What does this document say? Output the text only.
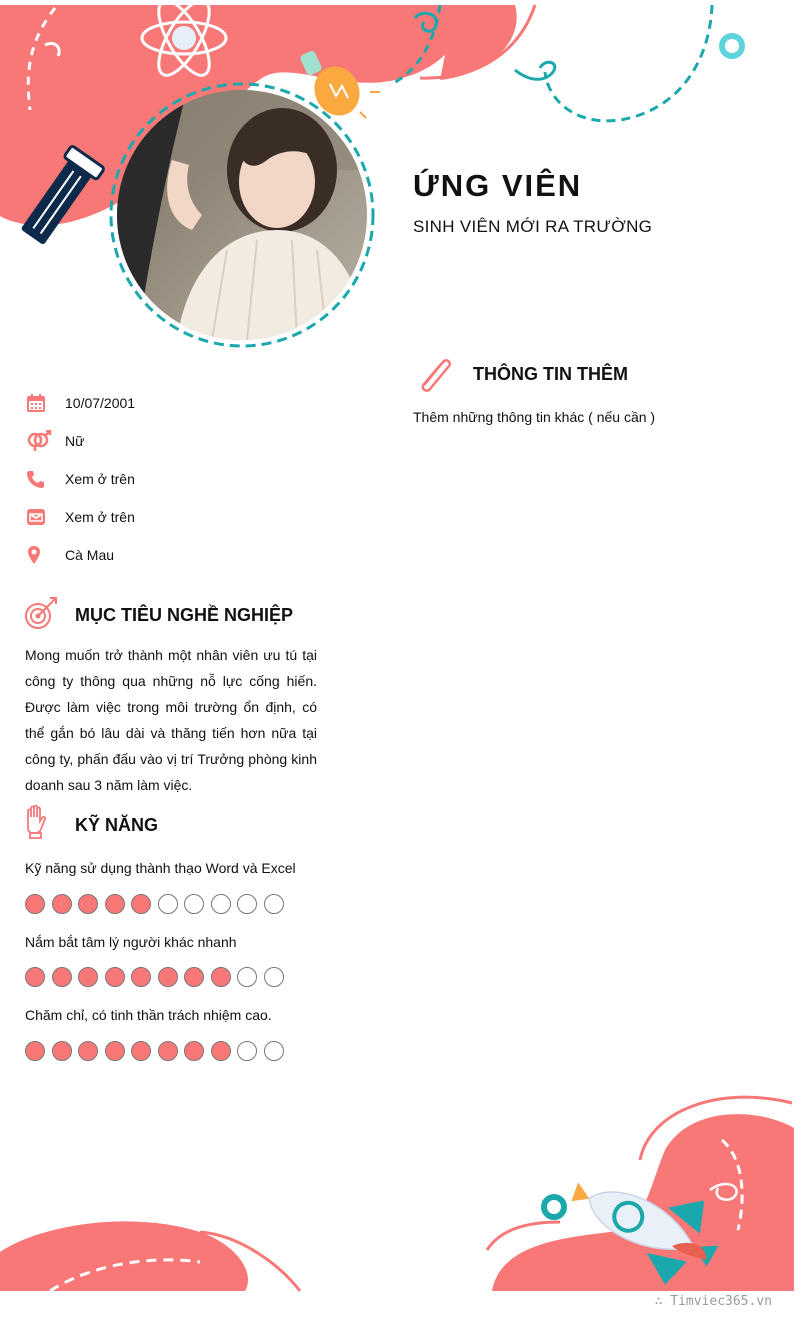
ỨNG VIÊN
SINH VIÊN MỚI RA TRƯỜNG
10/07/2001
Nữ
Xem ở trên
Xem ở trên
Cà Mau
MỤC TIÊU NGHỀ NGHIỆP
Mong muốn trở thành một nhân viên ưu tú tại công ty thông qua những nỗ lực cống hiến. Được làm việc trong môi trường ổn định, có thể gắn bó lâu dài và thăng tiến hơn nữa tại công ty, phấn đấu vào vị trí Trưởng phòng kinh doanh sau 3 năm làm việc.
KỸ NĂNG
Kỹ năng sử dụng thành thạo Word và Excel
Nắm bắt tâm lý người khác nhanh
Chăm chỉ, có tinh thần trách nhiệm cao.
THÔNG TIN THÊM
Thêm những thông tin khác ( nếu cần )
∴ Timviec365.vn
